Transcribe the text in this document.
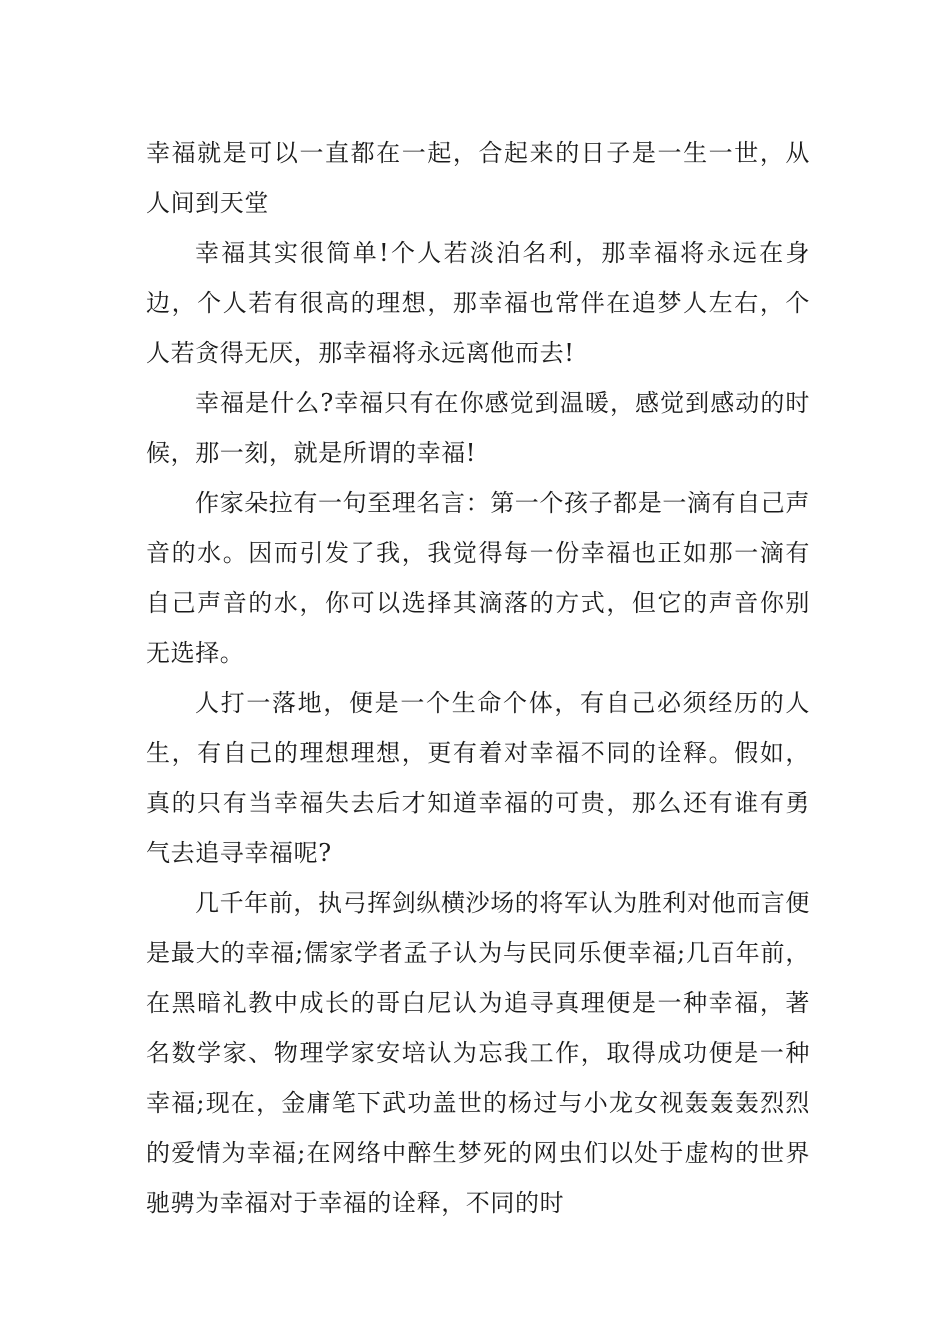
幸福就是可以一直都在一起，合起来的日子是一生一世，从人间到天堂

幸福其实很简单!个人若淡泊名利，那幸福将永远在身边，个人若有很高的理想，那幸福也常伴在追梦人左右，个人若贪得无厌，那幸福将永远离他而去!

幸福是什么?幸福只有在你感觉到温暖，感觉到感动的时候，那一刻，就是所谓的幸福!

作家朵拉有一句至理名言：第一个孩子都是一滴有自己声音的水。因而引发了我，我觉得每一份幸福也正如那一滴有自己声音的水，你可以选择其滴落的方式，但它的声音你别无选择。

人打一落地，便是一个生命个体，有自己必须经历的人生，有自己的理想理想，更有着对幸福不同的诠释。假如，真的只有当幸福失去后才知道幸福的可贵，那么还有谁有勇气去追寻幸福呢?

几千年前，执弓挥剑纵横沙场的将军认为胜利对他而言便是最大的幸福;儒家学者孟子认为与民同乐便幸福;几百年前，在黑暗礼教中成长的哥白尼认为追寻真理便是一种幸福，著名数学家、物理学家安培认为忘我工作，取得成功便是一种幸福;现在，金庸笔下武功盖世的杨过与小龙女视轰轰轰烈烈的爱情为幸福;在网络中醉生梦死的网虫们以处于虚构的世界驰骋为幸福对于幸福的诠释，不同的时
